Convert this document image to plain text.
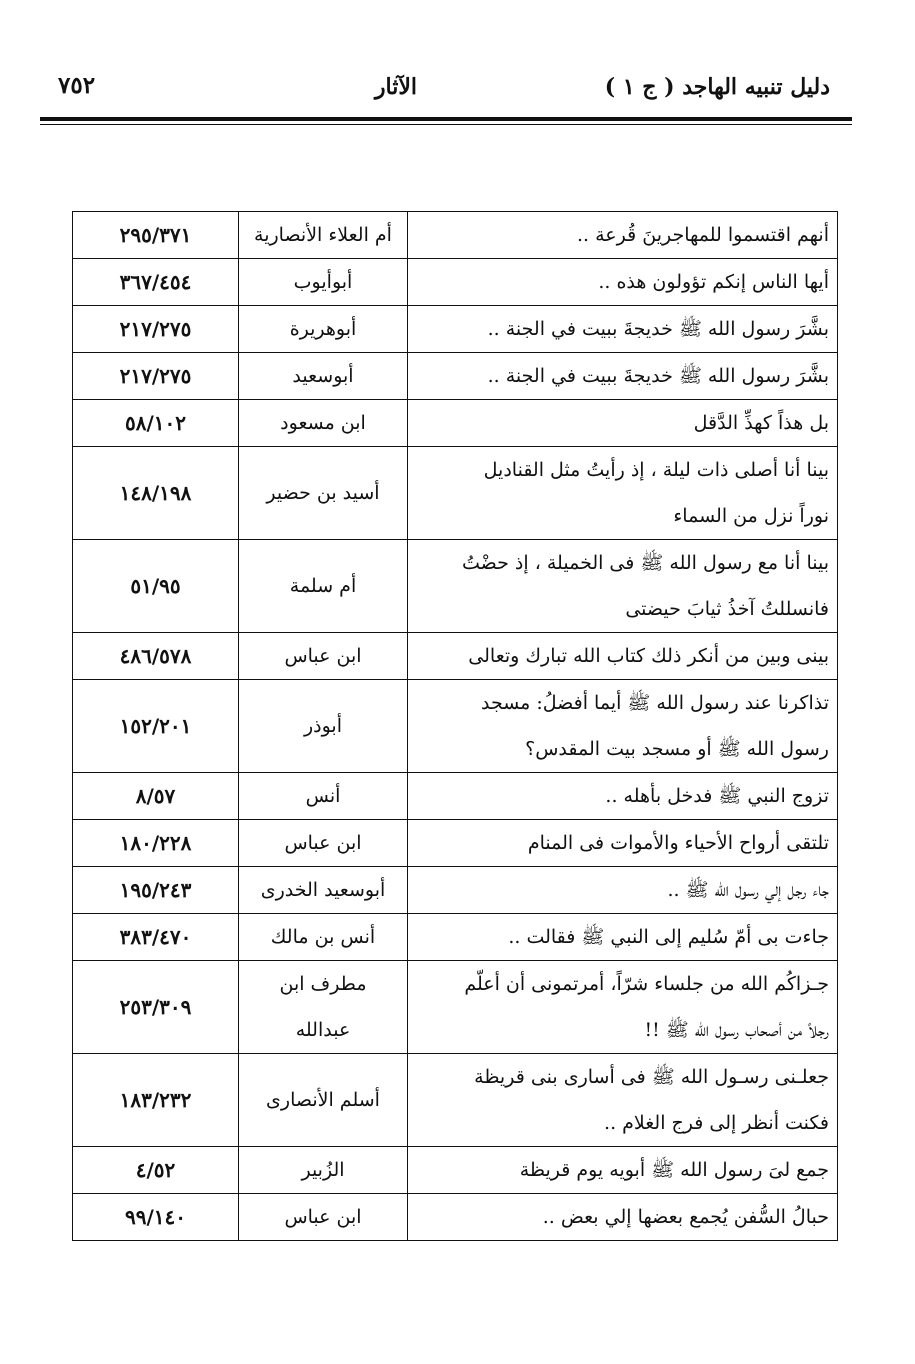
دليل تنبيه الهاجد ( ج ١ )
الآثار
٧٥٢
أنهم اقتسموا للمهاجرينَ قُرعة ..	أم العلاء الأنصارية	٢٩٥/٣٧١

أيها الناس إنكم تؤولون هذه ..	أبوأيوب	٣٦٧/٤٥٤

بشَّرَ رسول الله ﷺ خديجةَ ببيت في الجنة ..	أبوهريرة	٢١٧/٢٧٥

بشَّرَ رسول الله ﷺ خديجةَ ببيت في الجنة ..	أبوسعيد	٢١٧/٢٧٥

بل هذاً كهذِّ الدَّقل	ابن مسعود	٥٨/١٠٢

بينا أنا أصلى ذات ليلة ، إذ رأيتُ مثل القناديل
نوراً نزل من السماء	أسيد بن حضير	١٤٨/١٩٨

بينا أنا مع رسول الله ﷺ فى الخميلة ، إذ حضْتُ
فانسللتُ آخذُ ثيابَ حيضتى	أم سلمة	٥١/٩٥

بينى وبين من أنكر ذلك كتاب الله تبارك وتعالى	ابن عباس	٤٨٦/٥٧٨

تذاكرنا عند رسول الله ﷺ أيما أفضلُ: مسجد
رسول الله ﷺ أو مسجد بيت المقدس؟	أبوذر	١٥٢/٢٠١

تزوج النبي ﷺ فدخل بأهله ..	أنس	٨/٥٧

تلتقى أرواح الأحياء والأموات فى المنام	ابن عباس	١٨٠/٢٢٨

جاء رجل إلي رسول الله ﷺ ..	أبوسعيد الخدرى	١٩٥/٢٤٣

جاءت بى أمّ سُليم إلى النبي ﷺ فقالت ..	أنس بن مالك	٣٨٣/٤٧٠

جـزاكُم الله من جلساء شرّاً، أمرتمونى أن أعلّم
رجلاً من أصحاب رسول الله ﷺ !!	مطرف ابن
عبدالله	٢٥٣/٣٠٩

جعلـنى رسـول الله ﷺ فى أسارى بنى قريظة
فكنت أنظر إلى فرج الغلام ..	أسلم الأنصارى	١٨٣/٢٣٢

جمع لىَ رسول الله ﷺ أبويه يوم قريظة	الزُبير	٤/٥٢

حبالُ السُّفن يُجمع بعضها إلي بعض ..	ابن عباس	٩٩/١٤٠
